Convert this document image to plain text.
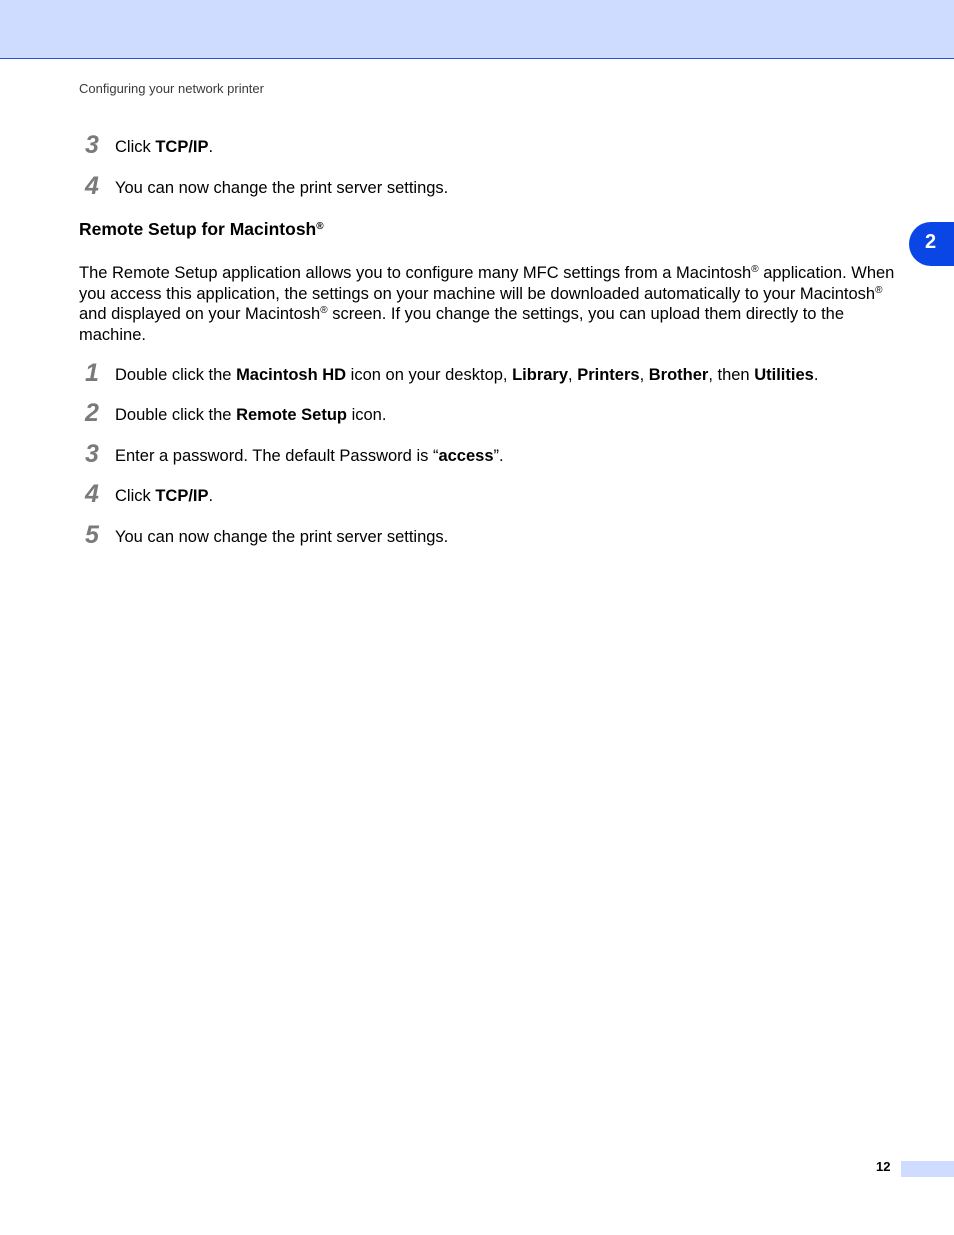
Configuring your network printer
2
3 Click TCP/IP.
4 You can now change the print server settings.
Remote Setup for Macintosh®
The Remote Setup application allows you to configure many MFC settings from a Macintosh® application. When you access this application, the settings on your machine will be downloaded automatically to your Macintosh® and displayed on your Macintosh® screen. If you change the settings, you can upload them directly to the machine.
1 Double click the Macintosh HD icon on your desktop, Library, Printers, Brother, then Utilities.
2 Double click the Remote Setup icon.
3 Enter a password. The default Password is “access”.
4 Click TCP/IP.
5 You can now change the print server settings.
12
